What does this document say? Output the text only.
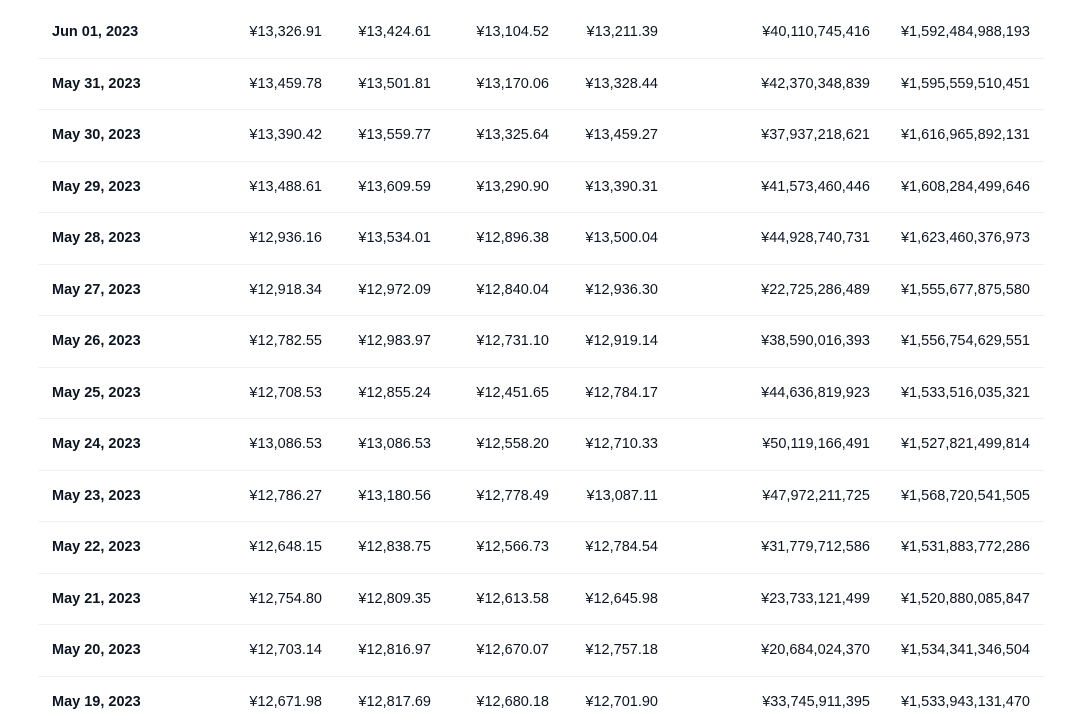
Jun 01, 2023	¥13,326.91	¥13,424.61	¥13,104.52	¥13,211.39	¥40,110,745,416 ¥1,592,484,988,193
May 31, 2023	¥13,459.78	¥13,501.81	¥13,170.06	¥13,328.44	¥42,370,348,839 ¥1,595,559,510,451
May 30, 2023	¥13,390.42	¥13,559.77	¥13,325.64	¥13,459.27	¥37,937,218,621 ¥1,616,965,892,131
May 29, 2023	¥13,488.61	¥13,609.59	¥13,290.90	¥13,390.31	¥41,573,460,446 ¥1,608,284,499,646
May 28, 2023	¥12,936.16	¥13,534.01	¥12,896.38	¥13,500.04	¥44,928,740,731 ¥1,623,460,376,973
May 27, 2023	¥12,918.34	¥12,972.09	¥12,840.04	¥12,936.30	¥22,725,286,489 ¥1,555,677,875,580
May 26, 2023	¥12,782.55	¥12,983.97	¥12,731.10	¥12,919.14	¥38,590,016,393 ¥1,556,754,629,551
May 25, 2023	¥12,708.53	¥12,855.24	¥12,451.65	¥12,784.17	¥44,636,819,923 ¥1,533,516,035,321
May 24, 2023	¥13,086.53	¥13,086.53	¥12,558.20	¥12,710.33	¥50,119,166,491 ¥1,527,821,499,814
May 23, 2023	¥12,786.27	¥13,180.56	¥12,778.49	¥13,087.11	¥47,972,211,725 ¥1,568,720,541,505
May 22, 2023	¥12,648.15	¥12,838.75	¥12,566.73	¥12,784.54	¥31,779,712,586 ¥1,531,883,772,286
May 21, 2023	¥12,754.80	¥12,809.35	¥12,613.58	¥12,645.98	¥23,733,121,499 ¥1,520,880,085,847
May 20, 2023	¥12,703.14	¥12,816.97	¥12,670.07	¥12,757.18	¥20,684,024,370 ¥1,534,341,346,504
May 19, 2023	¥12,671.98	¥12,817.69	¥12,680.18	¥12,701.90	¥33,745,911,395 ¥1,533,943,131,470
